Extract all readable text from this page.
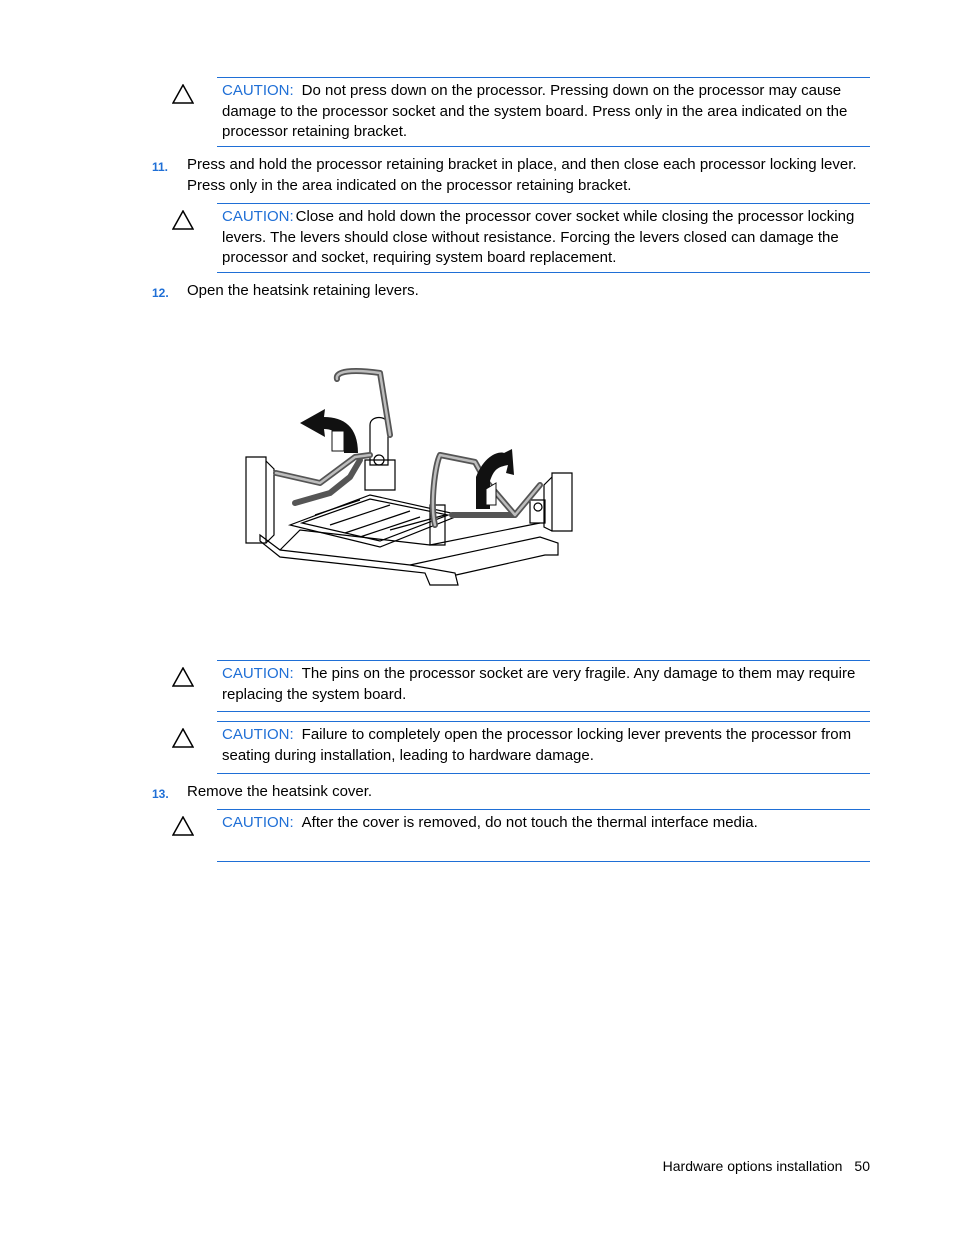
CAUTION: Do not press down on the processor. Pressing down on the processor may cause damage to the processor socket and the system board. Press only in the area indicated on the processor retaining bracket.
11. Press and hold the processor retaining bracket in place, and then close each processor locking lever. Press only in the area indicated on the processor retaining bracket.
CAUTION: Close and hold down the processor cover socket while closing the processor locking levers. The levers should close without resistance. Forcing the levers closed can damage the processor and socket, requiring system board replacement.
12. Open the heatsink retaining levers.
CAUTION: The pins on the processor socket are very fragile. Any damage to them may require replacing the system board.
CAUTION: Failure to completely open the processor locking lever prevents the processor from seating during installation, leading to hardware damage.
13. Remove the heatsink cover.
CAUTION: After the cover is removed, do not touch the thermal interface media.
Hardware options installation 50
